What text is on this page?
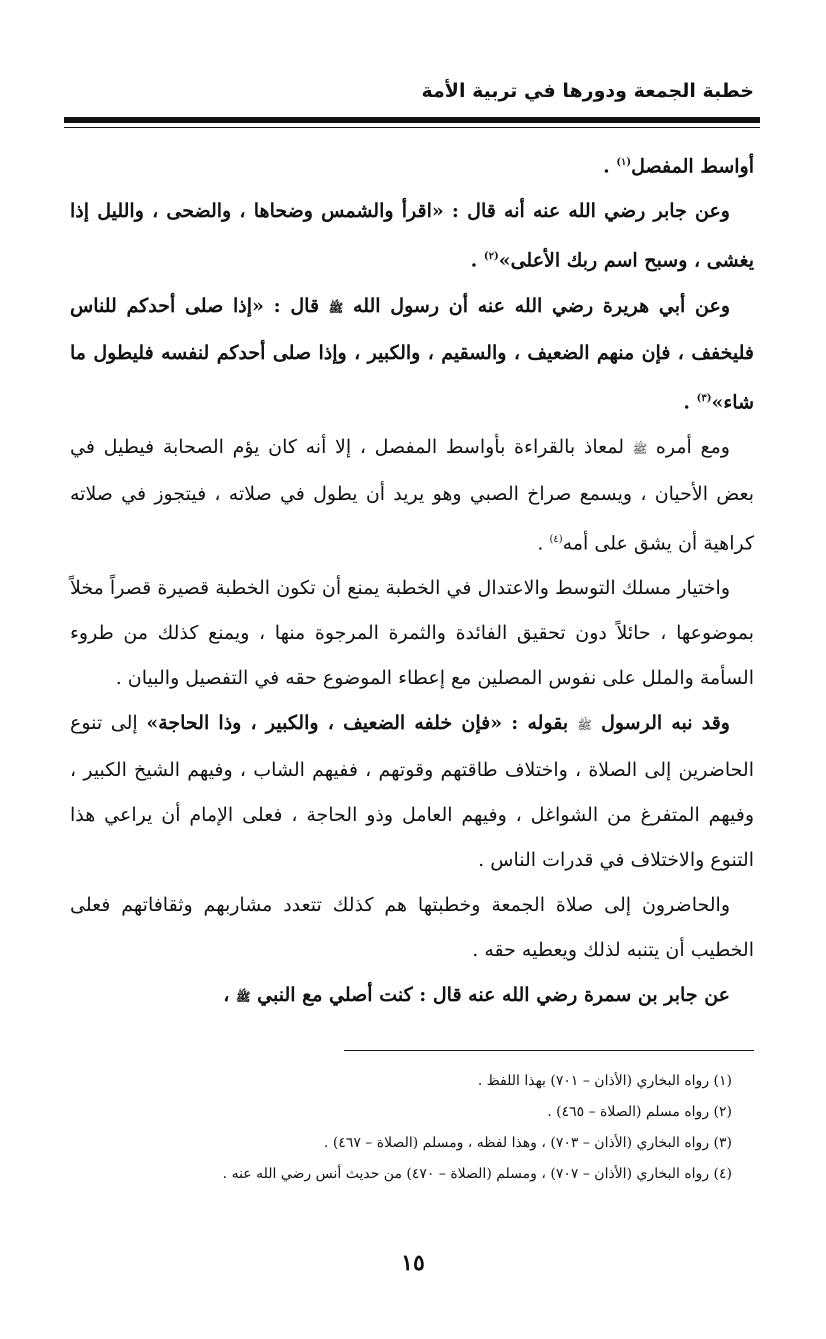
خطبة الجمعة ودورها في تربية الأمة

أواسط المفصل$^{(١)}$ .

وعن جابر رضي الله عنه أنه قال : «اقرأ والشمس وضحاها ، والضحى ، والليل إذا يغشى ، وسبح اسم ربك الأعلى»$^{(٢)}$ .

وعن أبي هريرة رضي الله عنه أن رسول الله ﷺ قال : «إذا صلى أحدكم للناس فليخفف ، فإن منهم الضعيف ، والسقيم ، والكبير ، وإذا صلى أحدكم لنفسه فليطول ما شاء»$^{(٣)}$ .

ومع أمره ﷺ لمعاذ بالقراءة بأواسط المفصل ، إلا أنه كان يؤم الصحابة فيطيل في بعض الأحيان ، ويسمع صراخ الصبي وهو يريد أن يطول في صلاته ، فيتجوز في صلاته كراهية أن يشق على أمه$^{(٤)}$ .

واختيار مسلك التوسط والاعتدال في الخطبة يمنع أن تكون الخطبة قصيرة قصراً مخلاً بموضوعها ، حائلاً دون تحقيق الفائدة والثمرة المرجوة منها ، ويمنع كذلك من طروء السأمة والملل على نفوس المصلين مع إعطاء الموضوع حقه في التفصيل والبيان .

وقد نبه الرسول ﷺ بقوله : «فإن خلفه الضعيف ، والكبير ، وذا الحاجة» إلى تنوع الحاضرين إلى الصلاة ، واختلاف طاقتهم وقوتهم ، ففيهم الشاب ، وفيهم الشيخ الكبير ، وفيهم المتفرغ من الشواغل ، وفيهم العامل وذو الحاجة ، فعلى الإمام أن يراعي هذا التنوع والاختلاف في قدرات الناس .

والحاضرون إلى صلاة الجمعة وخطبتها هم كذلك تتعدد مشاربهم وثقافاتهم فعلى الخطيب أن يتنبه لذلك ويعطيه حقه .

عن جابر بن سمرة رضي الله عنه قال : كنت أصلي مع النبي ﷺ ،

(١) رواه البخاري (الأذان – ٧٠١) بهذا اللفظ .

(٢) رواه مسلم (الصلاة – ٤٦٥) .

(٣) رواه البخاري (الأذان – ٧٠٣) ، وهذا لفظه ، ومسلم (الصلاة – ٤٦٧) .

(٤) رواه البخاري (الأذان – ٧٠٧) ، ومسلم (الصلاة – ٤٧٠) من حديث أنس رضي الله عنه .

١٥
